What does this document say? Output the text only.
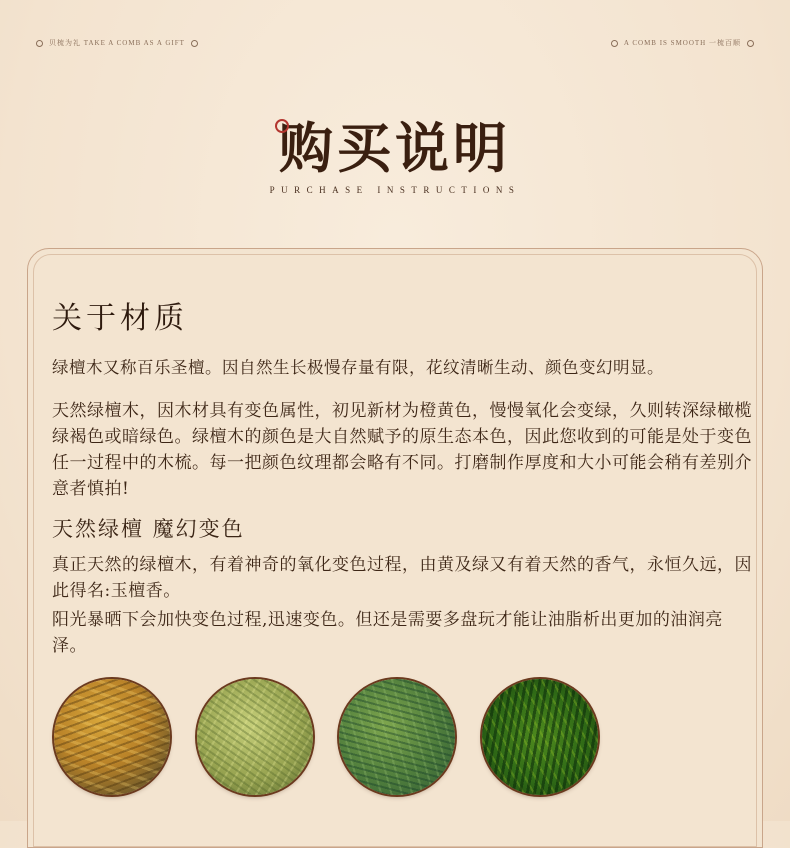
贝梳为礼 TAKE A COMB AS A GIFT	A COMB IS SMOOTH 一梳百顺
购买说明
PURCHASE INSTRUCTIONS
关于材质

绿檀木又称百乐圣檀。因自然生长极慢存量有限，花纹清晰生动、颜色变幻明显。

天然绿檀木，因木材具有变色属性，初见新材为橙黄色，慢慢氧化会变绿，久则转深绿橄榄绿褐色或暗绿色。绿檀木的颜色是大自然赋予的原生态本色，因此您收到的可能是处于变色任一过程中的木梳。每一把颜色纹理都会略有不同。打磨制作厚度和大小可能会稍有差别介意者慎拍!

天然绿檀 魔幻变色

真正天然的绿檀木，有着神奇的氧化变色过程，由黄及绿又有着天然的香气，永恒久远，因此得名:玉檀香。

阳光暴晒下会加快变色过程,迅速变色。但还是需要多盘玩才能让油脂析出更加的油润亮泽。
